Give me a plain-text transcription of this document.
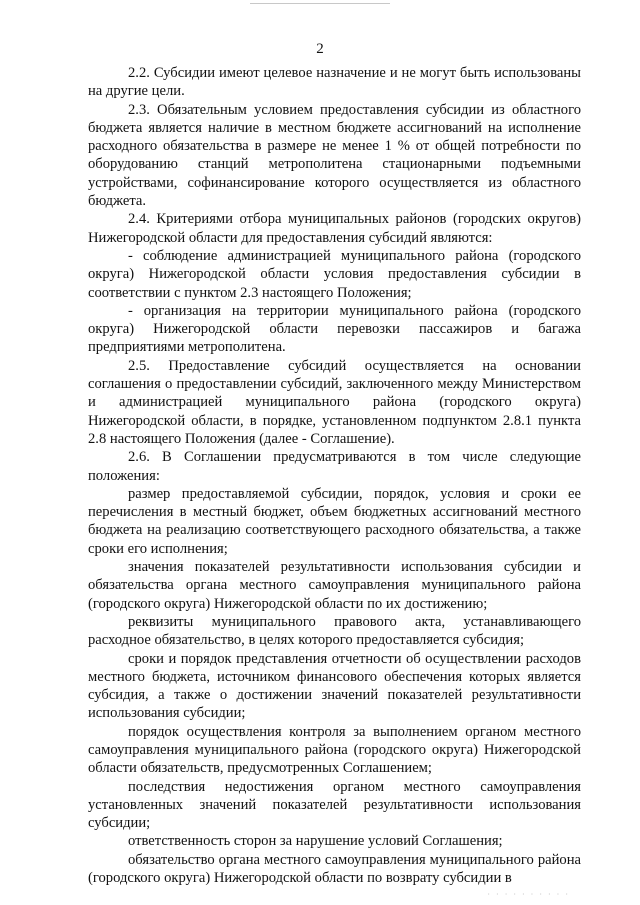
2

2.2. Субсидии имеют целевое назначение и не могут быть использованы на другие цели.

2.3. Обязательным условием предоставления субсидии из областного бюджета является наличие в местном бюджете ассигнований на исполнение расходного обязательства в размере не менее 1 % от общей потребности по оборудованию станций метрополитена стационарными подъемными устройствами, софинансирование которого осуществляется из областного бюджета.

2.4. Критериями отбора муниципальных районов (городских округов) Нижегородской области для предоставления субсидий являются:

- соблюдение администрацией муниципального района (городского округа) Нижегородской области условия предоставления субсидии в соответствии с пунктом 2.3 настоящего Положения;

- организация на территории муниципального района (городского округа) Нижегородской области перевозки пассажиров и багажа предприятиями метрополитена.

2.5. Предоставление субсидий осуществляется на основании соглашения о предоставлении субсидий, заключенного между Министерством и администрацией муниципального района (городского округа) Нижегородской области, в порядке, установленном подпунктом 2.8.1 пункта 2.8 настоящего Положения (далее - Соглашение).

2.6. В Соглашении предусматриваются в том числе следующие положения:

размер предоставляемой субсидии, порядок, условия и сроки ее перечисления в местный бюджет, объем бюджетных ассигнований местного бюджета на реализацию соответствующего расходного обязательства, а также сроки его исполнения;

значения показателей результативности использования субсидии и обязательства органа местного самоуправления муниципального района (городского округа) Нижегородской области по их достижению;

реквизиты муниципального правового акта, устанавливающего расходное обязательство, в целях которого предоставляется субсидия;

сроки и порядок представления отчетности об осуществлении расходов местного бюджета, источником финансового обеспечения которых является субсидия, а также о достижении значений показателей результативности использования субсидии;

порядок осуществления контроля за выполнением органом местного самоуправления муниципального района (городского округа) Нижегородской области обязательств, предусмотренных Соглашением;

последствия недостижения органом местного самоуправления установленных значений показателей результативности использования субсидии;

ответственность сторон за нарушение условий Соглашения;

обязательство органа местного самоуправления муниципального района (городского округа) Нижегородской области по возврату субсидии в

· · · · · · · · · ·
